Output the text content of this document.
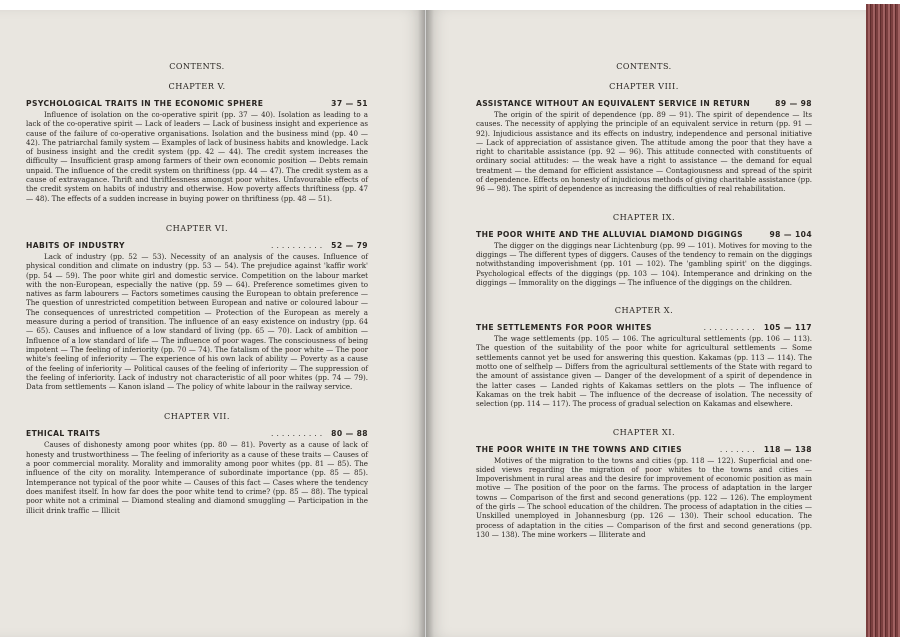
CONTENTS.
CHAPTER V.
PSYCHOLOGICAL TRAITS IN THE ECONOMIC SPHERE	37 — 51

Influence of isolation on the co-operative spirit (pp. 37 — 40). Isolation as leading to a lack of the co-operative spirit — Lack of leaders — Lack of business insight and experience as cause of the failure of co-operative organisations. Isolation and the business mind (pp. 40 — 42). The patriarchal family system — Examples of lack of business habits and knowledge. Lack of business insight and the credit system (pp. 42 — 44). The credit system increases the difficulty — Insufficient grasp among farmers of their own economic position — Debts remain unpaid. The influence of the credit system on thriftiness (pp. 44 — 47). The credit system as a cause of extravagance. Thrift and thriftlessness amongst poor whites. Unfavourable effects of the credit system on habits of industry and otherwise. How poverty affects thriftiness (pp. 47 — 48). The effects of a sudden increase in buying power on thriftiness (pp. 48 — 51).

CHAPTER VI.
HABITS OF INDUSTRY	.......... 52 — 79

Lack of industry (pp. 52 — 53). Necessity of an analysis of the causes. Influence of physical condition and climate on industry (pp. 53 — 54). The prejudice against 'kaffir work' (pp. 54 — 59). The poor white girl and domestic service. Competition on the labour market with the non-European, especially the native (pp. 59 — 64). Preference sometimes given to natives as farm labourers — Factors sometimes causing the European to obtain preference — The question of unrestricted competition between European and native or coloured labour — The consequences of unrestricted competition — Protection of the European as merely a measure during a period of transition. The influence of an easy existence on industry (pp. 64 — 65). Causes and influence of a low standard of living (pp. 65 — 70). Lack of ambition — Influence of a low standard of life — The influence of poor wages. The consciousness of being impotent — The feeling of inferiority (pp. 70 — 74). The fatalism of the poor white — The poor white's feeling of inferiority — The experience of his own lack of ability — Poverty as a cause of the feeling of inferiority — Political causes of the feeling of inferiority — The suppression of the feeling of inferiority. Lack of industry not characteristic of all poor whites (pp. 74 — 79). Data from settlements — Kanon island — The policy of white labour in the railway service.

CHAPTER VII.
ETHICAL TRAITS	.......... 80 — 88

Causes of dishonesty among poor whites (pp. 80 — 81). Poverty as a cause of lack of honesty and trustworthiness — The feeling of inferiority as a cause of these traits — Causes of a poor commercial morality. Morality and immorality among poor whites (pp. 81 — 85). The influence of the city on morality. Intemperance of subordinate importance (pp. 85 — 85). Intemperance not typical of the poor white — Causes of this fact — Cases where the tendency does manifest itself. In how far does the poor white tend to crime? (pp. 85 — 88). The typical poor white not a criminal — Diamond stealing and diamond smuggling — Participation in the illicit drink traffic — Illicit

CONTENTS.
CHAPTER VIII.
ASSISTANCE WITHOUT AN EQUIVALENT SERVICE IN RETURN	89 — 98

The origin of the spirit of dependence (pp. 89 — 91). The spirit of dependence — Its causes. The necessity of applying the principle of an equivalent service in return (pp. 91 — 92). Injudicious assistance and its effects on industry, independence and personal initiative — Lack of appreciation of assistance given. The attitude among the poor that they have a right to charitable assistance (pp. 92 — 96). This attitude connected with constituents of ordinary social attitudes: — the weak have a right to assistance — the demand for equal treatment — the demand for efficient assistance — Contagiousness and spread of the spirit of dependence. Effects on honesty of injudicious methods of giving charitable assistance (pp. 96 — 98). The spirit of dependence as increasing the difficulties of real rehabilitation.

CHAPTER IX.
THE POOR WHITE AND THE ALLUVIAL DIAMOND DIGGINGS	98 — 104

The digger on the diggings near Lichtenburg (pp. 99 — 101). Motives for moving to the diggings — The different types of diggers. Causes of the tendency to remain on the diggings notwithstanding impoverishment (pp. 101 — 102). The 'gambling spirit' on the diggings. Psychological effects of the diggings (pp. 103 — 104). Intemperance and drinking on the diggings — Immorality on the diggings — The influence of the diggings on the children.

CHAPTER X.
THE SETTLEMENTS FOR POOR WHITES	.......... 105 — 117

The wage settlements (pp. 105 — 106. The agricultural settlements (pp. 106 — 113). The question of the suitability of the poor white for agricultural settlements — Some settlements cannot yet be used for answering this question. Kakamas (pp. 113 — 114). The motto one of selfhelp — Differs from the agricultural settlements of the State with regard to the amount of assistance given — Danger of the development of a spirit of dependence in the latter cases — Landed rights of Kakamas settlers on the plots — The influence of Kakamas on the trek habit — The influence of the decrease of isolation. The necessity of selection (pp. 114 — 117). The process of gradual selection on Kakamas and elsewhere.

CHAPTER XI.
THE POOR WHITE IN THE TOWNS AND CITIES	....... 118 — 138

Motives of the migration to the towns and cities (pp. 118 — 122). Superficial and one-sided views regarding the migration of poor whites to the towns and cities — Impoverishment in rural areas and the desire for improvement of economic position as main motive — The position of the poor on the farms. The process of adaptation in the larger towns — Comparison of the first and second generations (pp. 122 — 126). The employment of the girls — The school education of the children. The process of adaptation in the cities — Unskilled unemployed in Johannesburg (pp. 126 — 130). Their school education. The process of adaptation in the cities — Comparison of the first and second generations (pp. 130 — 138). The mine workers — Illiterate and
